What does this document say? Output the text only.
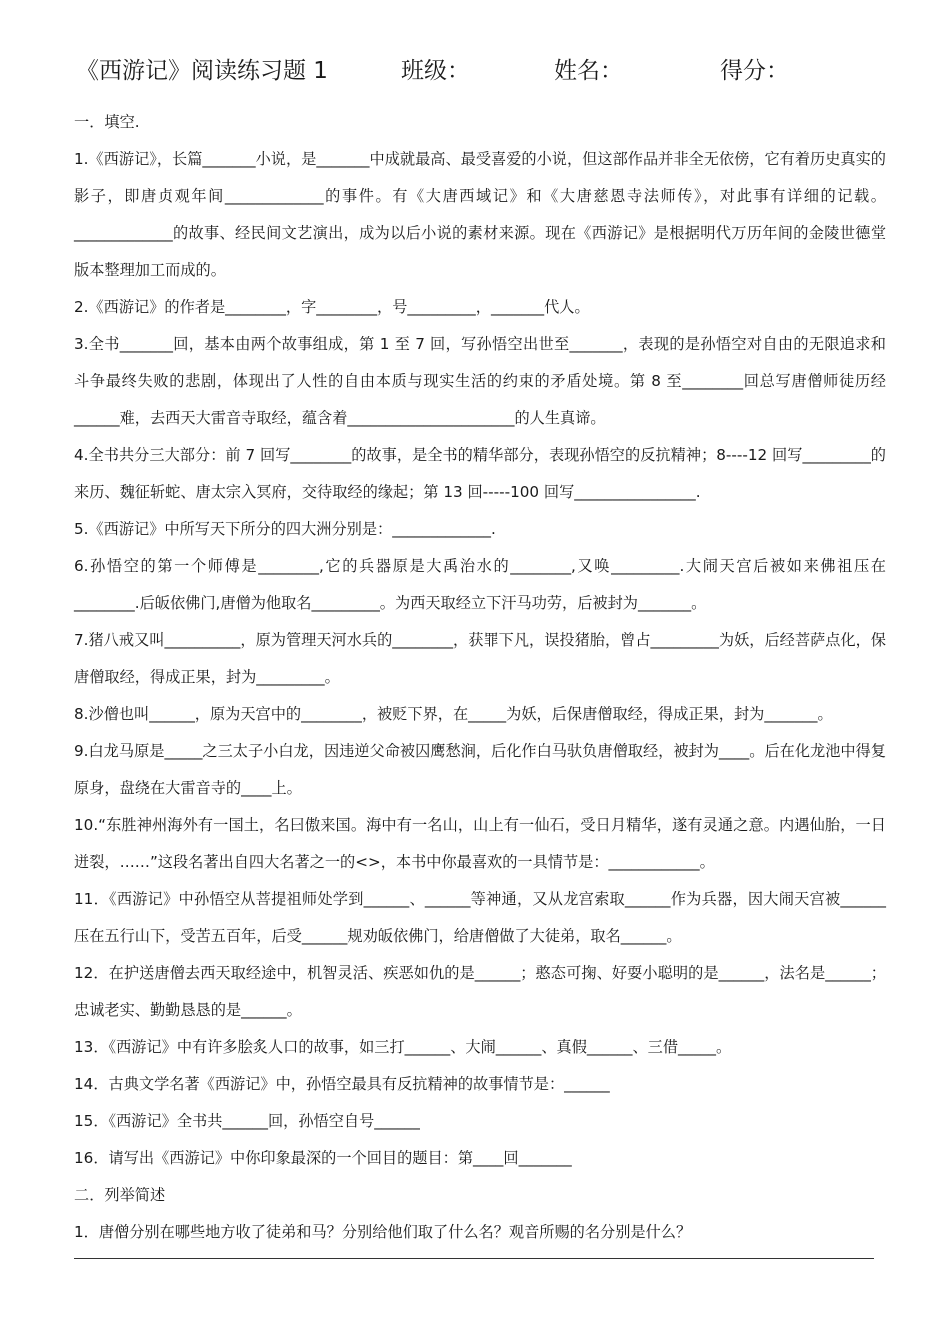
《西游记》阅读练习题 1	班级：	姓名：	得分：

一．填空.

1.《西游记》，长篇_______小说，是_______中成就最高、最受喜爱的小说，但这部作品并非全无依傍，它有着历史真实的影子，即唐贞观年间_____________的事件。有《大唐西域记》和《大唐慈恩寺法师传》，对此事有详细的记载。_____________的故事、经民间文艺演出，成为以后小说的素材来源。现在《西游记》是根据明代万历年间的金陵世德堂版本整理加工而成的。

2.《西游记》的作者是________，字________，号_________，_______代人。

3.全书_______回，基本由两个故事组成，第 1 至 7 回，写孙悟空出世至_______，表现的是孙悟空对自由的无限追求和斗争最终失败的悲剧，体现出了人性的自由本质与现实生活的约束的矛盾处境。第 8 至________回总写唐僧师徒历经______难，去西天大雷音寺取经，蕴含着______________________的人生真谛。

4.全书共分三大部分：前 7 回写________的故事，是全书的精华部分，表现孙悟空的反抗精神；8----12 回写_________的来历、魏征斩蛇、唐太宗入冥府，交待取经的缘起；第 13 回-----100 回写________________.

5.《西游记》中所写天下所分的四大洲分别是：_____________.

6.孙悟空的第一个师傅是________,它的兵器原是大禹治水的________,又唤_________.大闹天宫后被如来佛祖压在________.后皈依佛门,唐僧为他取名_________。为西天取经立下汗马功劳，后被封为_______。

7.猪八戒又叫__________，原为管理天河水兵的________，获罪下凡，误投猪胎，曾占_________为妖，后经菩萨点化，保唐僧取经，得成正果，封为_________。

8.沙僧也叫______，原为天宫中的________，被贬下界，在_____为妖，后保唐僧取经，得成正果，封为_______。

9.白龙马原是_____之三太子小白龙，因违逆父命被囚鹰愁涧，后化作白马驮负唐僧取经，被封为____。后在化龙池中得复原身，盘绕在大雷音寺的____上。

10.“东胜神州海外有一国土，名曰傲来国。海中有一名山，山上有一仙石，受日月精华，遂有灵通之意。内遇仙胎，一日迸裂，……”这段名著出自四大名著之一的<>，本书中你最喜欢的一具情节是：____________。

11．《西游记》中孙悟空从菩提祖师处学到______、______等神通，又从龙宫索取______作为兵器，因大闹天宫被______压在五行山下，受苦五百年，后受______规劝皈依佛门，给唐僧做了大徒弟，取名______。

12．在护送唐僧去西天取经途中，机智灵活、疾恶如仇的是______；憨态可掬、好耍小聪明的是______，法名是______；忠诚老实、勤勤恳恳的是______。

13．《西游记》中有许多脍炙人口的故事，如三打______、大闹______、真假______、三借_____。

14．古典文学名著《西游记》中，孙悟空最具有反抗精神的故事情节是：______

15．《西游记》全书共______回，孙悟空自号______

16．请写出《西游记》中你印象最深的一个回目的题目：第____回_______

二．列举简述

1．唐僧分别在哪些地方收了徒弟和马？分别给他们取了什么名？观音所赐的名分别是什么？
